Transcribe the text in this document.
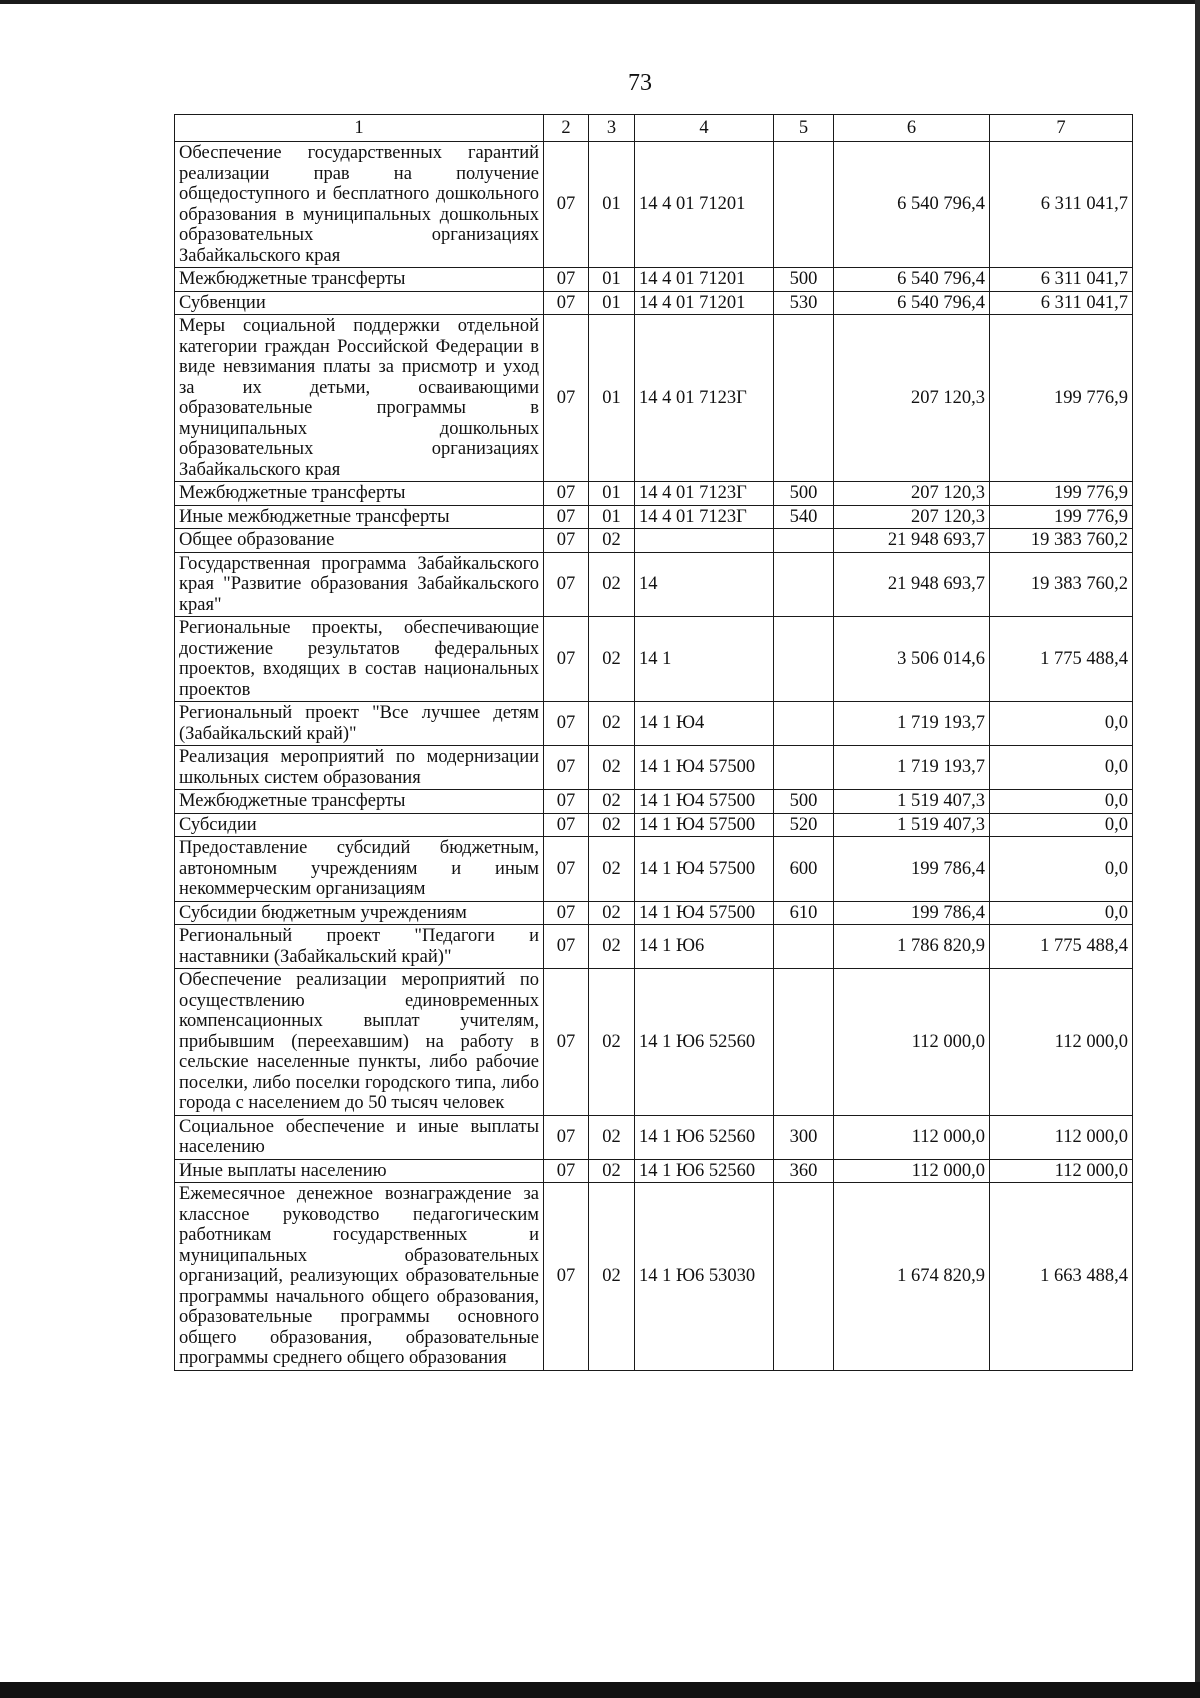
73
1	2	3	4	5	6	7
Обеспечение государственных гарантий реализации прав на получение общедоступного и бесплатного дошкольного образования в муниципальных дошкольных образовательных организациях Забайкальского края	07	01	14 4 01 71201		6 540 796,4	6 311 041,7
Межбюджетные трансферты	07	01	14 4 01 71201	500	6 540 796,4	6 311 041,7
Субвенции	07	01	14 4 01 71201	530	6 540 796,4	6 311 041,7
Меры социальной поддержки отдельной категории граждан Российской Федерации в виде невзимания платы за присмотр и уход за их детьми, осваивающими образовательные программы в муниципальных дошкольных образовательных организациях Забайкальского края	07	01	14 4 01 7123Г		207 120,3	199 776,9
Межбюджетные трансферты	07	01	14 4 01 7123Г	500	207 120,3	199 776,9
Иные межбюджетные трансферты	07	01	14 4 01 7123Г	540	207 120,3	199 776,9
Общее образование	07	02			21 948 693,7	19 383 760,2
Государственная программа Забайкальского края "Развитие образования Забайкальского края"	07	02	14		21 948 693,7	19 383 760,2
Региональные проекты, обеспечивающие достижение результатов федеральных проектов, входящих в состав национальных проектов	07	02	14 1		3 506 014,6	1 775 488,4
Региональный проект "Все лучшее детям (Забайкальский край)"	07	02	14 1 Ю4		1 719 193,7	0,0
Реализация мероприятий по модернизации школьных систем образования	07	02	14 1 Ю4 57500		1 719 193,7	0,0
Межбюджетные трансферты	07	02	14 1 Ю4 57500	500	1 519 407,3	0,0
Субсидии	07	02	14 1 Ю4 57500	520	1 519 407,3	0,0
Предоставление субсидий бюджетным, автономным учреждениям и иным некоммерческим организациям	07	02	14 1 Ю4 57500	600	199 786,4	0,0
Субсидии бюджетным учреждениям	07	02	14 1 Ю4 57500	610	199 786,4	0,0
Региональный проект "Педагоги и наставники (Забайкальский край)"	07	02	14 1 Ю6		1 786 820,9	1 775 488,4
Обеспечение реализации мероприятий по осуществлению единовременных компенсационных выплат учителям, прибывшим (переехавшим) на работу в сельские населенные пункты, либо рабочие поселки, либо поселки городского типа, либо города с населением до 50 тысяч человек	07	02	14 1 Ю6 52560		112 000,0	112 000,0
Социальное обеспечение и иные выплаты населению	07	02	14 1 Ю6 52560	300	112 000,0	112 000,0
Иные выплаты населению	07	02	14 1 Ю6 52560	360	112 000,0	112 000,0
Ежемесячное денежное вознаграждение за классное руководство педагогическим работникам государственных и муниципальных образовательных организаций, реализующих образовательные программы начального общего образования, образовательные программы основного общего образования, образовательные программы среднего общего образования	07	02	14 1 Ю6 53030		1 674 820,9	1 663 488,4
